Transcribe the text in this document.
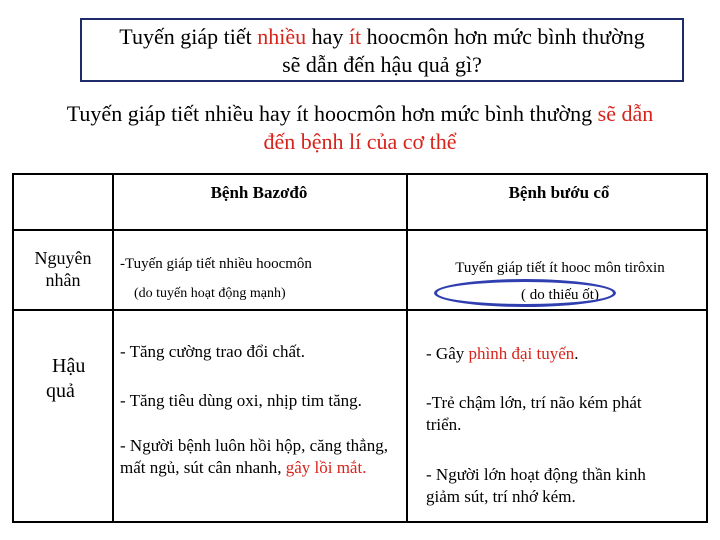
Tuyến giáp tiết nhiều hay ít hoocmôn hơn mức bình thường
sẽ dẫn đến hậu quả gì?
Tuyến giáp tiết nhiều hay ít hoocmôn hơn mức bình thường sẽ dẫn
đến bệnh lí của cơ thể
Bệnh Bazơđô	Bệnh bướu cổ
Nguyên
nhân
Hậu
quả
-Tuyến giáp tiết nhiều hoocmôn
(do tuyến hoạt động mạnh)
Tuyến giáp tiết ít hooc môn tirôxin
( do thiếu ốt)
- Tăng cường trao đổi chất.
- Tăng tiêu dùng oxi, nhịp tim tăng.
- Người bệnh luôn hồi hộp, căng thẳng, mất ngủ, sút cân nhanh, gây lồi mắt.
- Gây phình đại tuyến.
-Trẻ chậm lớn, trí não kém phát triển.
- Người lớn hoạt động thần kinh giảm sút, trí nhớ kém.
